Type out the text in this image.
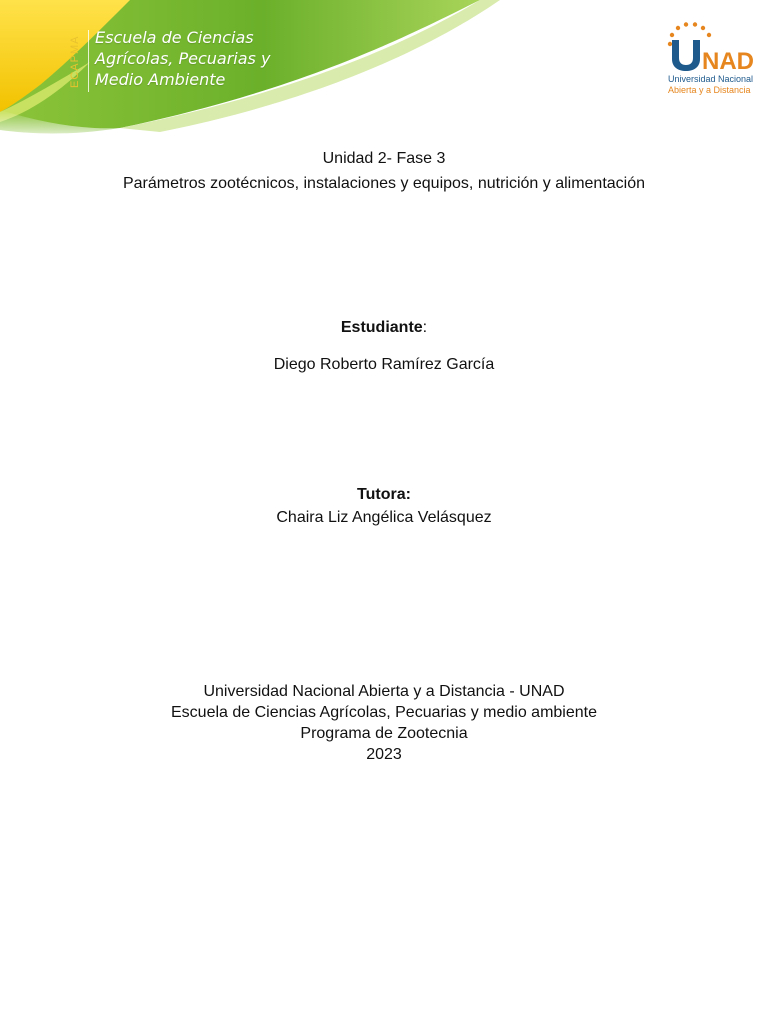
ECAPMA Escuela de Ciencias
Agrícolas, Pecuarias y
Medio Ambiente
NAD
Universidad Nacional
Abierta y a Distancia
Unidad 2- Fase 3
Parámetros zootécnicos, instalaciones y equipos, nutrición y alimentación
Estudiante:
Diego Roberto Ramírez García
Tutora:
Chaira Liz Angélica Velásquez
Universidad Nacional Abierta y a Distancia - UNAD
Escuela de Ciencias Agrícolas, Pecuarias y medio ambiente
Programa de Zootecnia
2023
